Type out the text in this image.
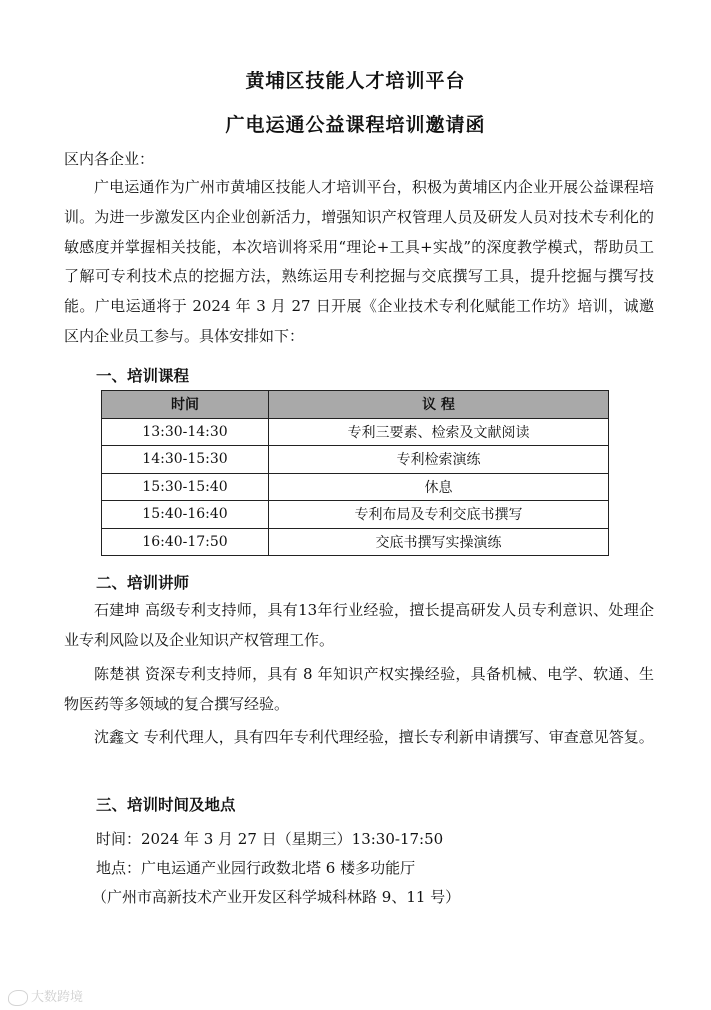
黄埔区技能人才培训平台
广电运通公益课程培训邀请函
区内各企业：
广电运通作为广州市黄埔区技能人才培训平台，积极为黄埔区内企业开展公益课程培训。为进一步激发区内企业创新活力，增强知识产权管理人员及研发人员对技术专利化的敏感度并掌握相关技能，本次培训将采用“理论+工具+实战”的深度教学模式，帮助员工了解可专利技术点的挖掘方法，熟练运用专利挖掘与交底撰写工具，提升挖掘与撰写技能。广电运通将于 2024 年 3 月 27 日开展《企业技术专利化赋能工作坊》培训，诚邀区内企业员工参与。具体安排如下：
一、培训课程
时间	议 程
13:30-14:30	专利三要素、检索及文献阅读
14:30-15:30	专利检索演练
15:30-15:40	休息
15:40-16:40	专利布局及专利交底书撰写
16:40-17:50	交底书撰写实操演练
二、培训讲师
石建坤 高级专利支持师，具有13年行业经验，擅长提高研发人员专利意识、处理企业专利风险以及企业知识产权管理工作。
陈楚祺 资深专利支持师，具有 8 年知识产权实操经验，具备机械、电学、软通、生物医药等多领域的复合撰写经验。
沈鑫文 专利代理人，具有四年专利代理经验，擅长专利新申请撰写、审查意见答复。
三、培训时间及地点
时间：2024 年 3 月 27 日（星期三）13:30-17:50
地点：广电运通产业园行政数北塔 6 楼多功能厅
（广州市高新技术产业开发区科学城科林路 9、11 号）
大数跨境
